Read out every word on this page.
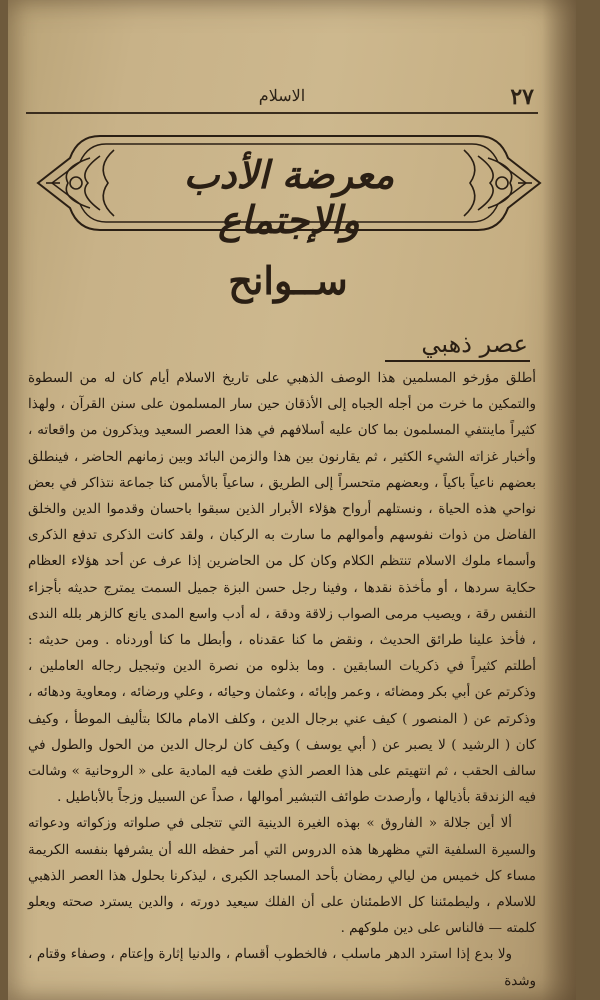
٢٧
الاسلام
معرضة الأدب والإجتماع
ســوانح
عصر ذهبي

أطلق مؤرخو المسلمين هذا الوصف الذهبي على تاريخ الاسلام أيام كان له من السطوة والتمكين ما خرت من أجله الجباه إلى الأذقان حين سار المسلمون على سنن القرآن ، ولهذا كثيراً ماينتفي المسلمون بما كان عليه أسلافهم في هذا العصر السعيد ويذكرون من واقعاته ، وأخبار غزاته الشيء الكثير ، ثم يقارنون بين هذا والزمن البائد وبين زمانهم الحاضر ، فينطلق بعضهم ناعياً باكياً ، وبعضهم متحسراً إلى الطريق ، ساعياً بالأمس كنا جماعة نتذاكر في بعض نواحي هذه الحياة ، ونستلهم أرواح هؤلاء الأبرار الذين سبقوا باحسان وقدموا الدين والخلق الفاضل من ذوات نفوسهم وأموالهم ما سارت به الركبان ، ولقد كانت الذكرى تدفع الذكرى وأسماء ملوك الاسلام تنتظم الكلام وكان كل من الحاضرين إذا عرف عن أحد هؤلاء العظام حكاية سردها ، أو مأخذة نقدها ، وفينا رجل حسن البزة جميل السمت يمترج حديثه بأجزاء النفس رقة ، ويصيب مرمى الصواب زلاقة ودقة ، له أدب واسع المدى يانع كالزهر بلله الندى ، فأخذ علينا طرائق الحديث ، ونقض ما كنا عقدناه ، وأبطل ما كنا أوردناه . ومن حديثه : أطلتم كثيراً في ذكريات السابقين . وما بذلوه من نصرة الدين وتبجيل رجاله العاملين ، وذكرتم عن أبي بكر ومضائه ، وعمر وإبائه ، وعثمان وحيائه ، وعلي ورضائه ، ومعاوية ودهائه ، وذكرتم عن ( المنصور ) كيف عني برجال الدين ، وكلف الامام مالكا بتأليف الموطأ ، وكيف كان ( الرشيد ) لا يصبر عن ( أبي يوسف ) وكيف كان لرجال الدين من الحول والطول في سالف الحقب ، ثم انتهيتم على هذا العصر الذي طغت فيه المادية على « الروحانية » وشالت فيه الزندقة بأذيالها ، وأرصدت طوائف التبشير أموالها ، صداً عن السبيل وزجاً بالأباطيل .

ألا أين جلالة « الفاروق » بهذه الغيرة الدينية التي تتجلى في صلواته وزكواته ودعواته والسيرة السلفية التي مظهرها هذه الدروس التي أمر حفظه الله أن يشرفها بنفسه الكريمة مساء كل خميس من ليالي رمضان بأحد المساجد الكبرى ، ليذكرنا بحلول هذا العصر الذهبي للاسلام ، وليطمئننا كل الاطمئنان على أن الفلك سيعيد دورته ، والدين يسترد صحته ويعلو كلمته — فالناس على دين ملوكهم .

ولا بدع إذا استرد الدهر ماسلب ، فالخطوب أقسام ، والدنيا إثارة وإعتام ، وصفاء وقتام ، وشدة
